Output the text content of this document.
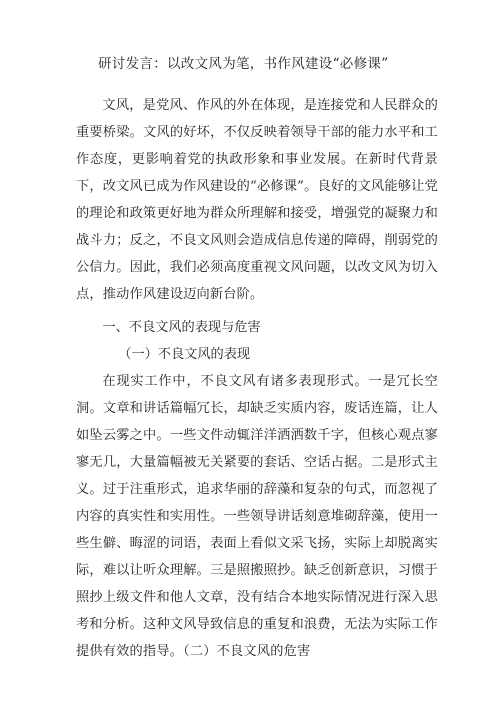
研讨发言：以改文风为笔，书作风建设“必修课”

文风，是党风、作风的外在体现，是连接党和人民群众的重要桥梁。文风的好坏，不仅反映着领导干部的能力水平和工作态度，更影响着党的执政形象和事业发展。在新时代背景下，改文风已成为作风建设的“必修课”。良好的文风能够让党的理论和政策更好地为群众所理解和接受，增强党的凝聚力和战斗力；反之，不良文风则会造成信息传递的障碍，削弱党的公信力。因此，我们必须高度重视文风问题，以改文风为切入点，推动作风建设迈向新台阶。

一、不良文风的表现与危害

（一）不良文风的表现

在现实工作中，不良文风有诸多表现形式。一是冗长空洞。文章和讲话篇幅冗长，却缺乏实质内容，废话连篇，让人如坠云雾之中。一些文件动辄洋洋洒洒数千字，但核心观点寥寥无几，大量篇幅被无关紧要的套话、空话占据。二是形式主义。过于注重形式，追求华丽的辞藻和复杂的句式，而忽视了内容的真实性和实用性。一些领导讲话刻意堆砌辞藻，使用一些生僻、晦涩的词语，表面上看似文采飞扬，实际上却脱离实际，难以让听众理解。三是照搬照抄。缺乏创新意识，习惯于照抄上级文件和他人文章，没有结合本地实际情况进行深入思考和分析。这种文风导致信息的重复和浪费，无法为实际工作提供有效的指导。（二）不良文风的危害
